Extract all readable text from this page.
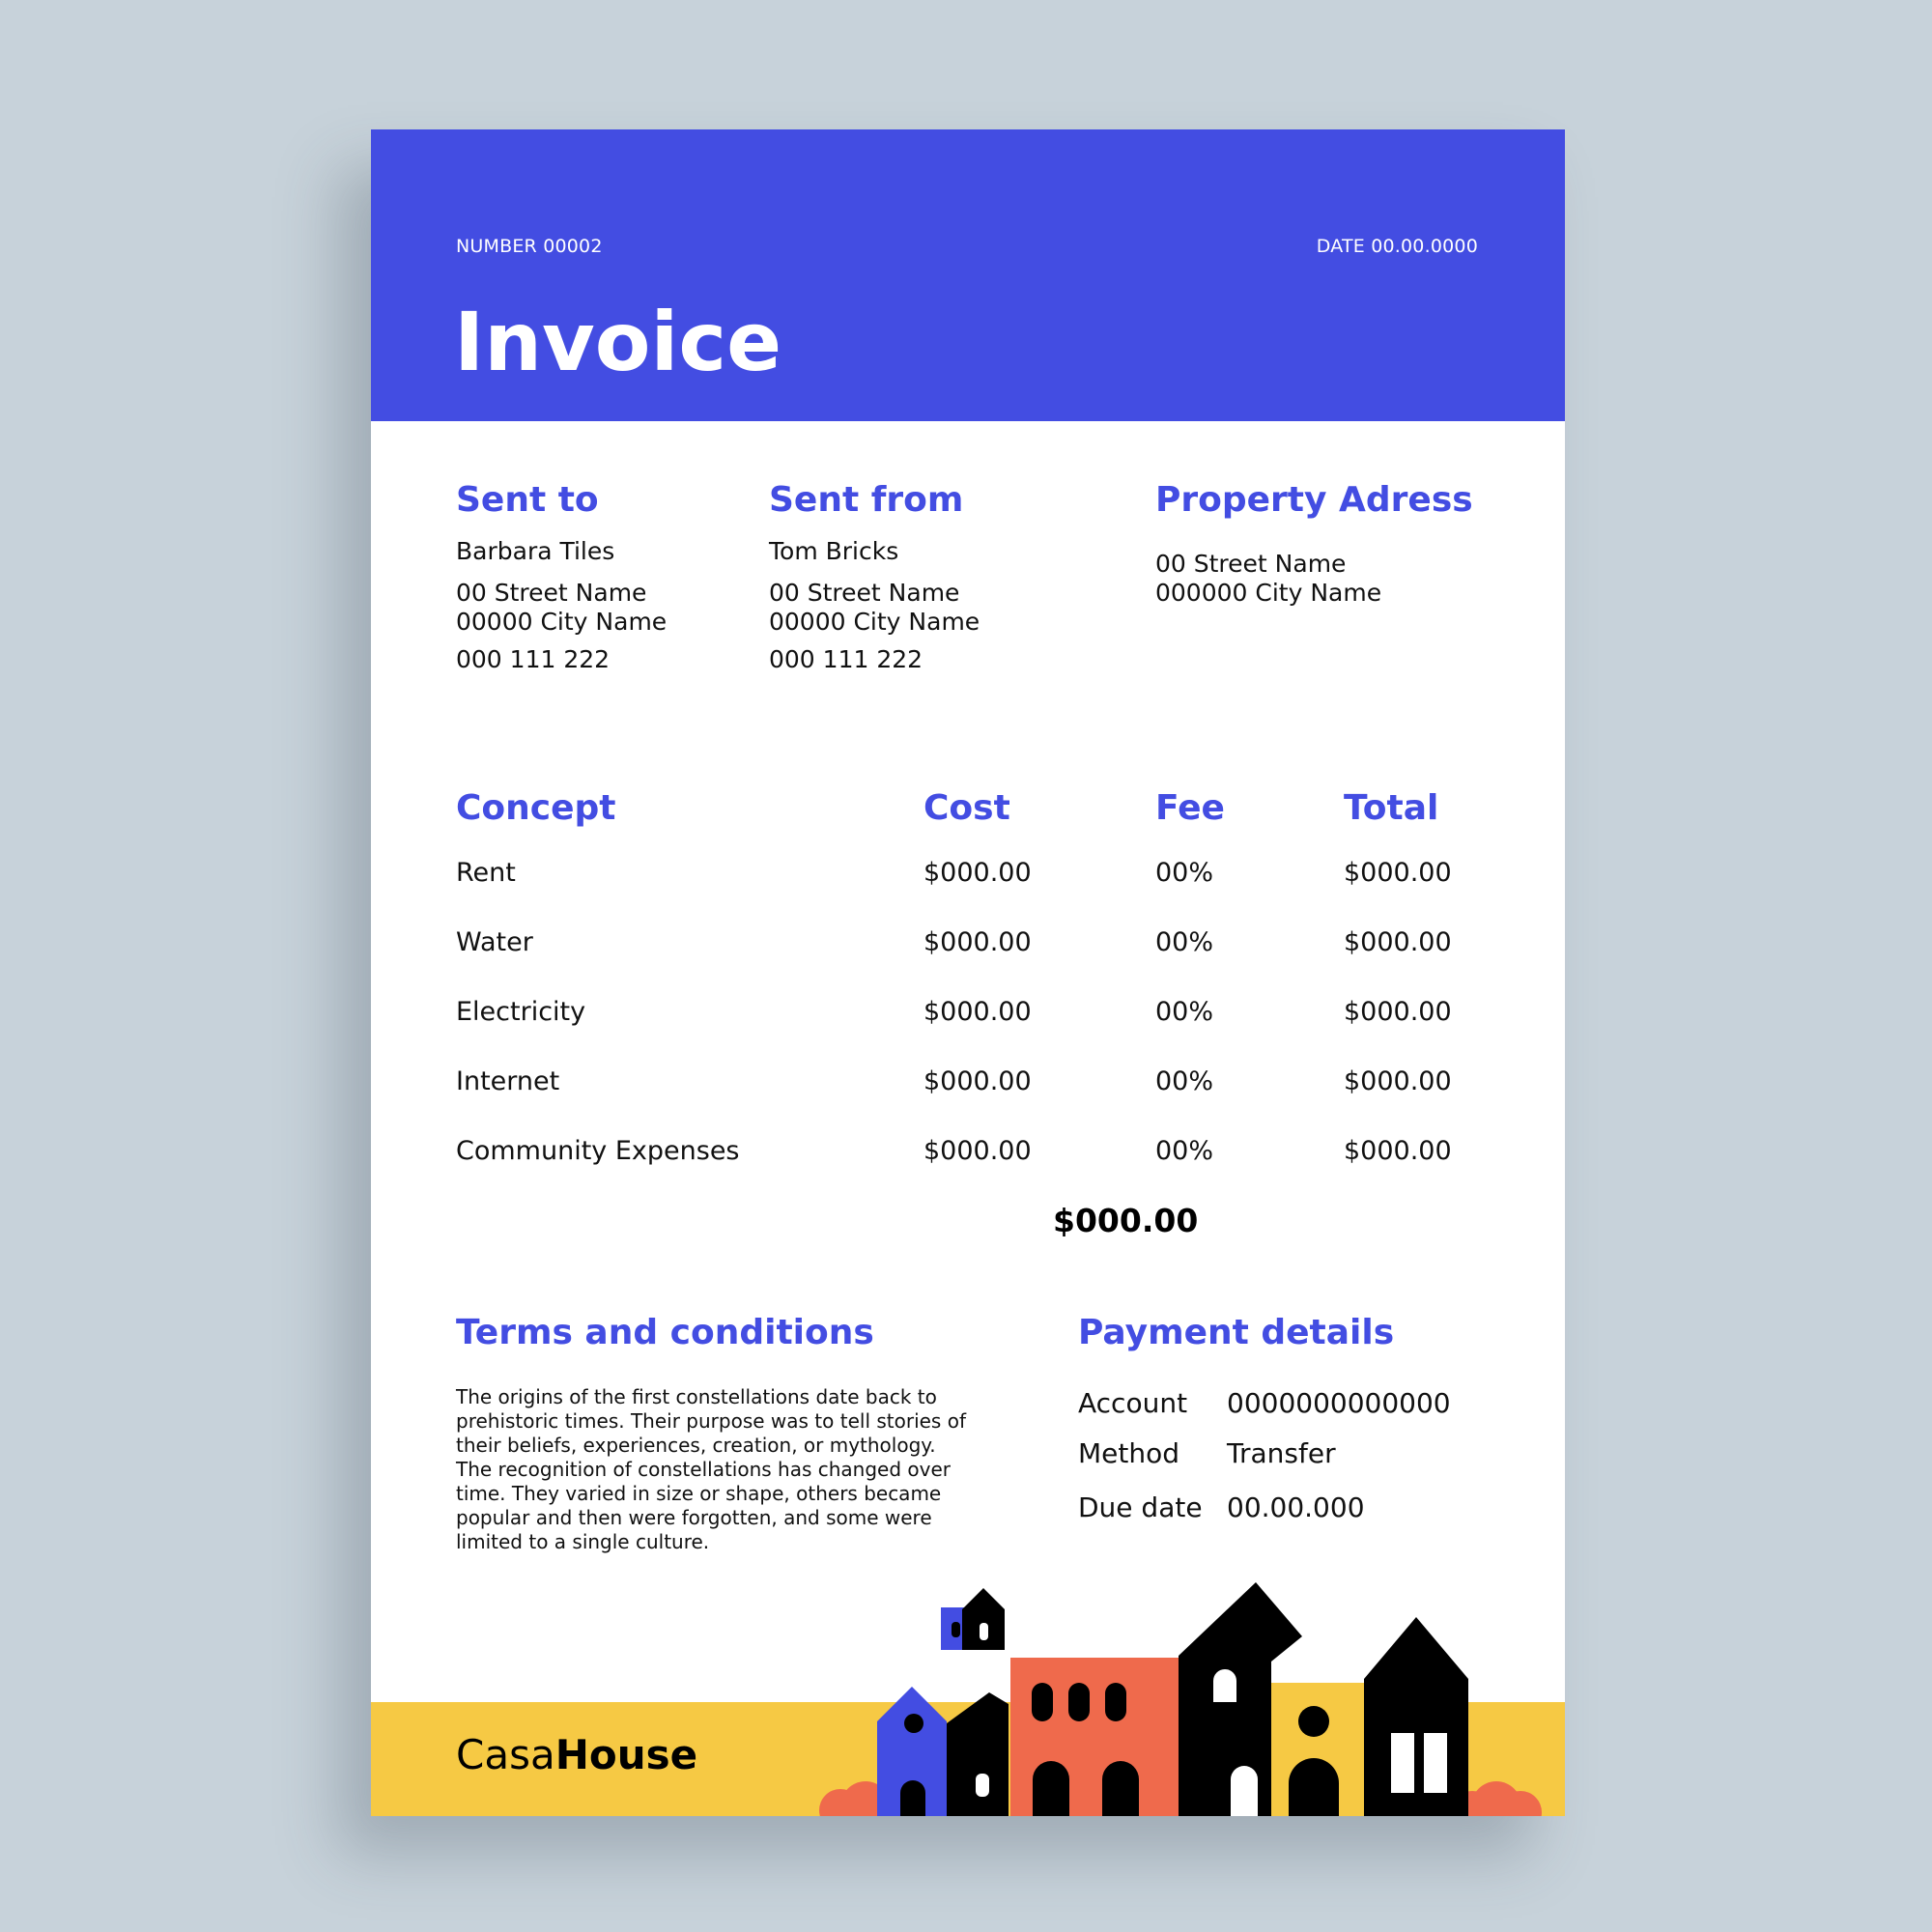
NUMBER 00002	DATE 00.00.0000
Invoice
Sent to
Barbara Tiles
00 Street Name
00000 City Name
000 111 222
Sent from
Tom Bricks
00 Street Name
00000 City Name
000 111 222
Property Adress
00 Street Name
000000 City Name
Concept	Cost	Fee	Total
Rent	$000.00	00%	$000.00
Water	$000.00	00%	$000.00
Electricity	$000.00	00%	$000.00
Internet	$000.00	00%	$000.00
Community Expenses	$000.00	00%	$000.00
$000.00
Terms and conditions

The origins of the first constellations date back to prehistoric times. Their purpose was to tell stories of their beliefs, experiences, creation, or mythology. The recognition of constellations has changed over time. They varied in size or shape, others became popular and then were forgotten, and some were limited to a single culture.

Payment details
Account 0000000000000
Method Transfer
Due date 00.00.000
CasaHouse
